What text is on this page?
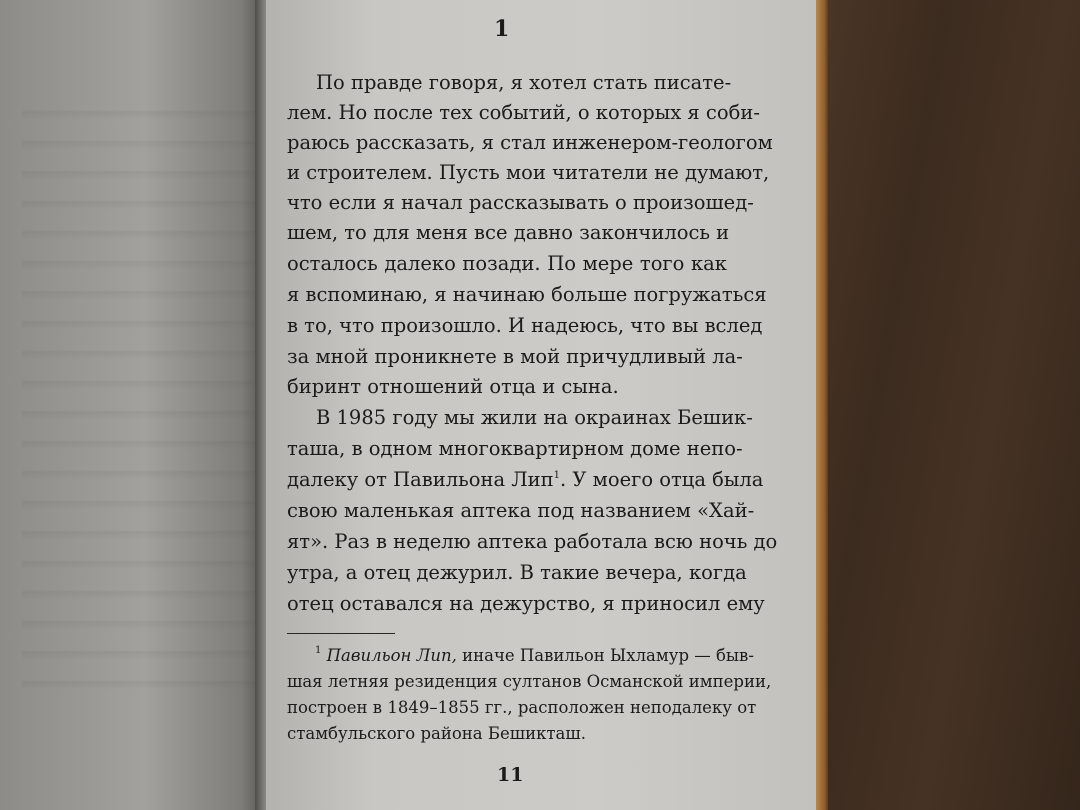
1
По правде говоря, я хотел стать писате-
лем. Но после тех событий, о которых я соби-
раюсь рассказать, я стал инженером-геологом
и строителем. Пусть мои читатели не думают,
что если я начал рассказывать о произошед-
шем, то для меня все давно закончилось и
осталось далеко позади. По мере того как
я вспоминаю, я начинаю больше погружаться
в то, что произошло. И надеюсь, что вы вслед
за мной проникнете в мой причудливый ла-
биринт отношений отца и сына.
В 1985 году мы жили на окраинах Бешик-
таша, в одном многоквартирном доме непо-
далеку от Павильона Лип$^1$. У моего отца была
свою маленькая аптека под названием «Хай-
ят». Раз в неделю аптека работала всю ночь до
утра, а отец дежурил. В такие вечера, когда
отец оставался на дежурство, я приносил ему
$^1$ Павильон Лип, иначе Павильон Ыхламур — быв-
шая летняя резиденция султанов Османской империи,
построен в 1849–1855 гг., расположен неподалеку от
стамбульского района Бешикташ.
11
